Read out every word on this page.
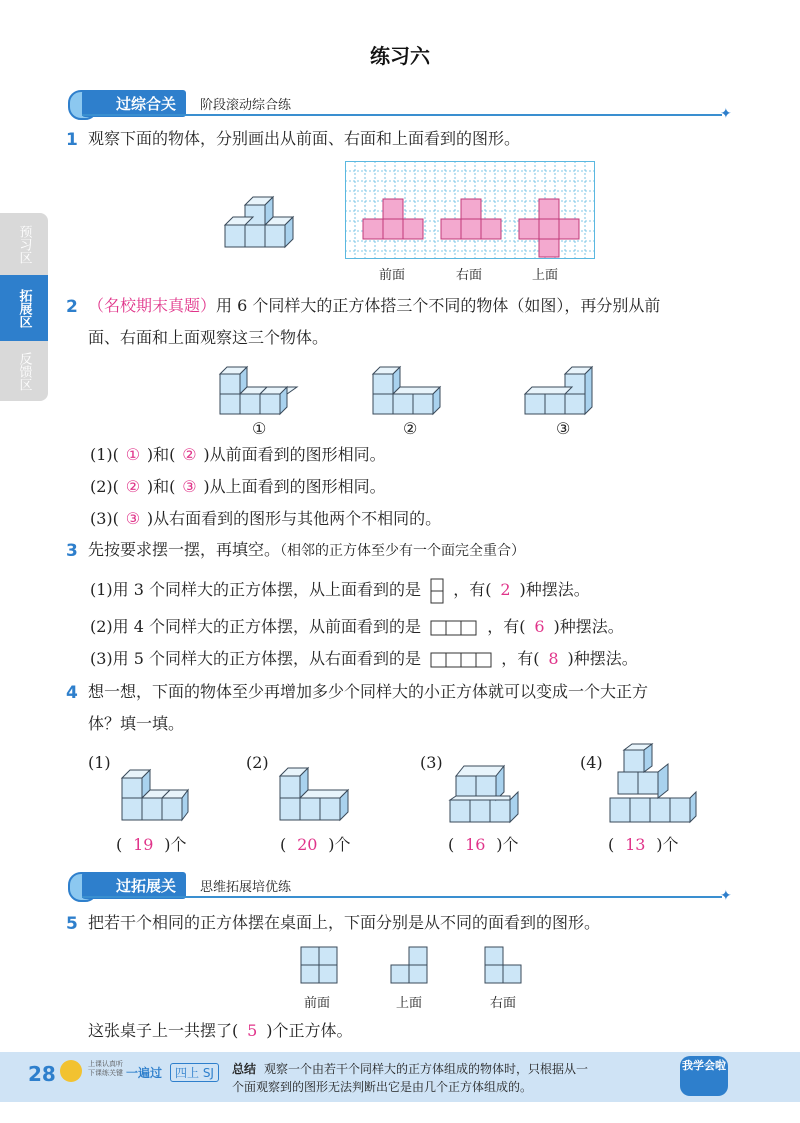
练习六
预习区
拓展区
反馈区
过综合关	阶段滚动综合练
✦
1 观察下面的物体，分别画出从前面、右面和上面看到的图形。
前面	右面	上面
2 （名校期末真题）用 6 个同样大的正方体搭三个不同的物体（如图），再分别从前
面、右面和上面观察这三个物体。
①	②	③
(1)( ① )和( ② )从前面看到的图形相同。
(2)( ② )和( ③ )从上面看到的图形相同。
(3)( ③ )从右面看到的图形与其他两个不相同的。
3 先按要求摆一摆，再填空。（相邻的正方体至少有一个面完全重合）
(1)用 3 个同样大的正方体摆，从上面看到的是 ，有( 2 )种摆法。
(2)用 4 个同样大的正方体摆，从前面看到的是	，有( 6 )种摆法。
(3)用 5 个同样大的正方体摆，从右面看到的是	，有( 8 )种摆法。
4 想一想，下面的物体至少再增加多少个同样大的小正方体就可以变成一个大正方
体？填一填。
(1)	(2)	(3)	(4)
( 19 )个	( 20 )个	( 16 )个	( 13 )个
过拓展关	思维拓展培优练
✦
5 把若干个相同的正方体摆在桌面上，下面分别是从不同的面看到的图形。
前面	上面	右面
这张桌子上一共摆了( 5 )个正方体。
28	上课认真听
下课练关键 一遍过	四上 SJ	总结 观察一个由若干个同样大的正方体组成的物体时，只根据从一
个面观察到的图形无法判断出它是由几个正方体组成的。
我学会啦
